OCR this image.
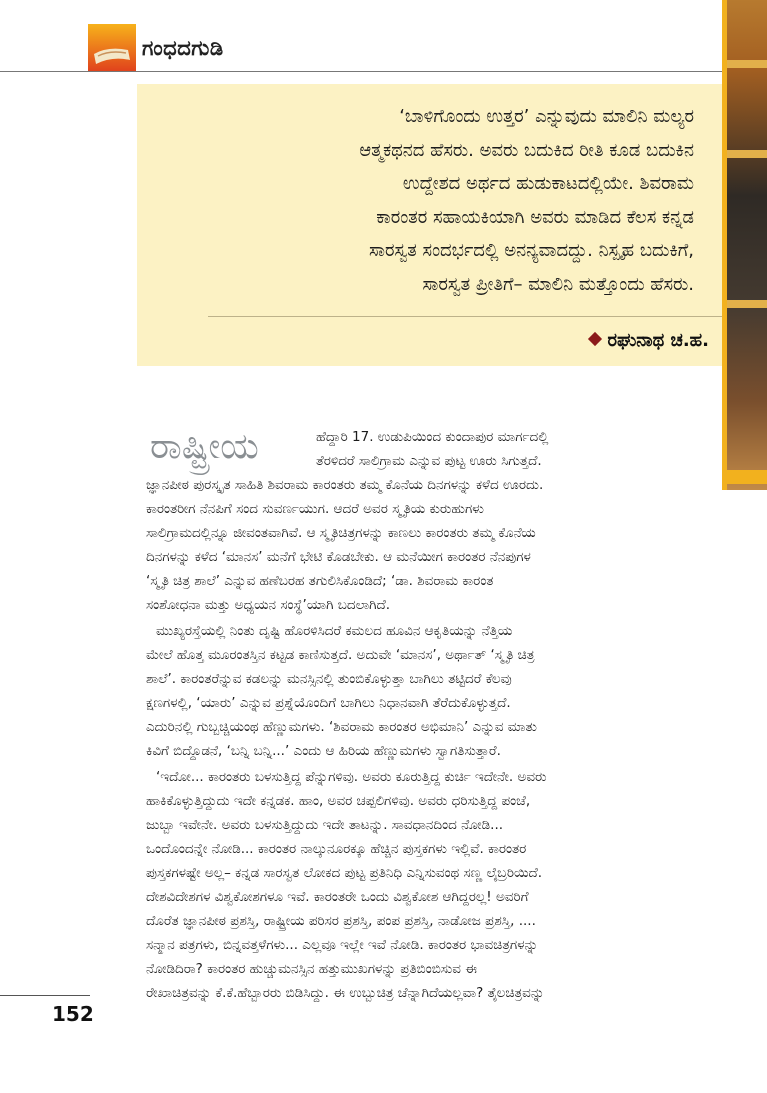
ಗಂಧದಗುಡಿ

‘ಬಾಳಿಗೊಂದು ಉತ್ತರ’ ಎನ್ನುವುದು ಮಾಲಿನಿ ಮಲ್ಯರ
ಆತ್ಮಕಥನದ ಹೆಸರು. ಅವರು ಬದುಕಿದ ರೀತಿ ಕೂಡ ಬದುಕಿನ
ಉದ್ದೇಶದ ಅರ್ಥದ ಹುಡುಕಾಟದಲ್ಲಿಯೇ. ಶಿವರಾಮ
ಕಾರಂತರ ಸಹಾಯಕಿಯಾಗಿ ಅವರು ಮಾಡಿದ ಕೆಲಸ ಕನ್ನಡ
ಸಾರಸ್ವತ ಸಂದರ್ಭದಲ್ಲಿ ಅನನ್ಯವಾದದ್ದು. ನಿಸ್ಪೃಹ ಬದುಕಿಗೆ,
ಸಾರಸ್ವತ ಪ್ರೀತಿಗೆ– ಮಾಲಿನಿ ಮತ್ತೊಂದು ಹೆಸರು.

ರಘುನಾಥ ಚ.ಹ.
ರಾಷ್ಟ್ರೀಯ	ಹೆದ್ದಾರಿ 17. ಉಡುಪಿಯಿಂದ ಕುಂದಾಪುರ ಮಾರ್ಗದಲ್ಲಿ
ತೆರಳಿದರೆ ಸಾಲಿಗ್ರಾಮ ಎನ್ನುವ ಪುಟ್ಟ ಊರು ಸಿಗುತ್ತದೆ.
ಜ್ಞಾನಪೀಠ ಪುರಸ್ಕೃತ ಸಾಹಿತಿ ಶಿವರಾಮ ಕಾರಂತರು ತಮ್ಮ ಕೊನೆಯ ದಿನಗಳನ್ನು ಕಳೆದ ಊರದು.
ಕಾರಂತರೀಗ ನೆನಪಿಗೆ ಸಂದ ಸುವರ್ಣಯುಗ. ಆದರೆ ಅವರ ಸ್ಮೃತಿಯ ಕುರುಹುಗಳು
ಸಾಲಿಗ್ರಾಮದಲ್ಲಿನ್ನೂ ಜೀವಂತವಾಗಿವೆ. ಆ ಸ್ಮೃತಿಚಿತ್ರಗಳನ್ನು ಕಾಣಲು ಕಾರಂತರು ತಮ್ಮ ಕೊನೆಯ
ದಿನಗಳನ್ನು ಕಳೆದ ‘ಮಾನಸ’ ಮನೆಗೆ ಭೇಟಿ ಕೊಡಬೇಕು. ಆ ಮನೆಯೀಗ ಕಾರಂತರ ನೆನಪುಗಳ
‘ಸ್ಮೃತಿ ಚಿತ್ರ ಶಾಲೆ’ ಎನ್ನುವ ಹಣೆಬರಹ ತಗುಲಿಸಿಕೊಂಡಿದೆ; ‘ಡಾ. ಶಿವರಾಮ ಕಾರಂತ
ಸಂಶೋಧನಾ ಮತ್ತು ಅಧ್ಯಯನ ಸಂಸ್ಥೆ’ಯಾಗಿ ಬದಲಾಗಿದೆ.
ಮುಖ್ಯರಸ್ತೆಯಲ್ಲಿ ನಿಂತು ದೃಷ್ಟಿ ಹೊರಳಿಸಿದರೆ ಕಮಲದ ಹೂವಿನ ಆಕೃತಿಯನ್ನು ನೆತ್ತಿಯ
ಮೇಲೆ ಹೊತ್ತ ಮೂರಂತಸ್ತಿನ ಕಟ್ಟಡ ಕಾಣಿಸುತ್ತದೆ. ಅದುವೇ ‘ಮಾನಸ’, ಅರ್ಥಾತ್ ‘ಸ್ಮೃತಿ ಚಿತ್ರ
ಶಾಲೆ’. ಕಾರಂತರೆನ್ನುವ ಕಡಲನ್ನು ಮನಸ್ಸಿನಲ್ಲಿ ತುಂಬಿಕೊಳ್ಳುತ್ತಾ ಬಾಗಿಲು ತಟ್ಟಿದರೆ ಕೆಲವು
ಕ್ಷಣಗಳಲ್ಲಿ, ‘ಯಾರು’ ಎನ್ನುವ ಪ್ರಶ್ನೆಯೊಂದಿಗೆ ಬಾಗಿಲು ನಿಧಾನವಾಗಿ ತೆರೆದುಕೊಳ್ಳುತ್ತದೆ.
ಎದುರಿನಲ್ಲಿ ಗುಬ್ಬಚ್ಚಿಯಂಥ ಹೆಣ್ಣುಮಗಳು. ‘ಶಿವರಾಮ ಕಾರಂತರ ಅಭಿಮಾನಿ’ ಎನ್ನುವ ಮಾತು
ಕಿವಿಗೆ ಬಿದ್ದೊಡನೆ, ‘ಬನ್ನಿ ಬನ್ನಿ...’ ಎಂದು ಆ ಹಿರಿಯ ಹೆಣ್ಣುಮಗಳು ಸ್ವಾಗತಿಸುತ್ತಾರೆ.
‘ಇದೋ... ಕಾರಂತರು ಬಳಸುತ್ತಿದ್ದ ಪೆನ್ನುಗಳಿವು. ಅವರು ಕೂರುತ್ತಿದ್ದ ಕುರ್ಚಿ ಇದೇನೇ. ಅವರು
ಹಾಕಿಕೊಳ್ಳುತ್ತಿದ್ದುದು ಇದೇ ಕನ್ನಡಕ. ಹಾಂ, ಅವರ ಚಪ್ಪಲಿಗಳಿವು. ಅವರು ಧರಿಸುತ್ತಿದ್ದ ಪಂಚೆ,
ಜುಬ್ಬಾ ಇವೇನೇ. ಅವರು ಬಳಸುತ್ತಿದ್ದುದು ಇದೇ ತಾಟನ್ನು. ಸಾವಧಾನದಿಂದ ನೋಡಿ...
ಒಂದೊಂದನ್ನೇ ನೋಡಿ... ಕಾರಂತರ ನಾಲ್ಕುನೂರಕ್ಕೂ ಹೆಚ್ಚಿನ ಪುಸ್ತಕಗಳು ಇಲ್ಲಿವೆ. ಕಾರಂತರ
ಪುಸ್ತಕಗಳಷ್ಟೇ ಅಲ್ಲ– ಕನ್ನಡ ಸಾರಸ್ವತ ಲೋಕದ ಪುಟ್ಟ ಪ್ರತಿನಿಧಿ ಎನ್ನಿಸುವಂಥ ಸಣ್ಣ ಲೈಬ್ರರಿಯಿದೆ.
ದೇಶವಿದೇಶಗಳ ವಿಶ್ವಕೋಶಗಳೂ ಇವೆ. ಕಾರಂತರೇ ಒಂದು ವಿಶ್ವಕೋಶ ಆಗಿದ್ದರಲ್ಲ! ಅವರಿಗೆ
ದೊರೆತ ಜ್ಞಾನಪೀಠ ಪ್ರಶಸ್ತಿ, ರಾಷ್ಟ್ರೀಯ ಪರಿಸರ ಪ್ರಶಸ್ತಿ, ಪಂಪ ಪ್ರಶಸ್ತಿ, ನಾಡೋಜ ಪ್ರಶಸ್ತಿ, ....
ಸನ್ಮಾನ ಪತ್ರಗಳು, ಬಿನ್ನವತ್ತಳೆಗಳು... ಎಲ್ಲವೂ ಇಲ್ಲೇ ಇವೆ ನೋಡಿ. ಕಾರಂತರ ಭಾವಚಿತ್ರಗಳನ್ನು
ನೋಡಿದಿರಾ? ಕಾರಂತರ ಹುಚ್ಚುಮನಸ್ಸಿನ ಹತ್ತುಮುಖಗಳನ್ನು ಪ್ರತಿಬಿಂಬಿಸುವ ಈ
ರೇಖಾಚಿತ್ರವನ್ನು ಕೆ.ಕೆ.ಹೆಬ್ಬಾರರು ಬಿಡಿಸಿದ್ದು. ಈ ಉಬ್ಬುಚಿತ್ರ ಚೆನ್ನಾಗಿದೆಯಲ್ಲವಾ? ತೈಲಚಿತ್ರವನ್ನು
152
